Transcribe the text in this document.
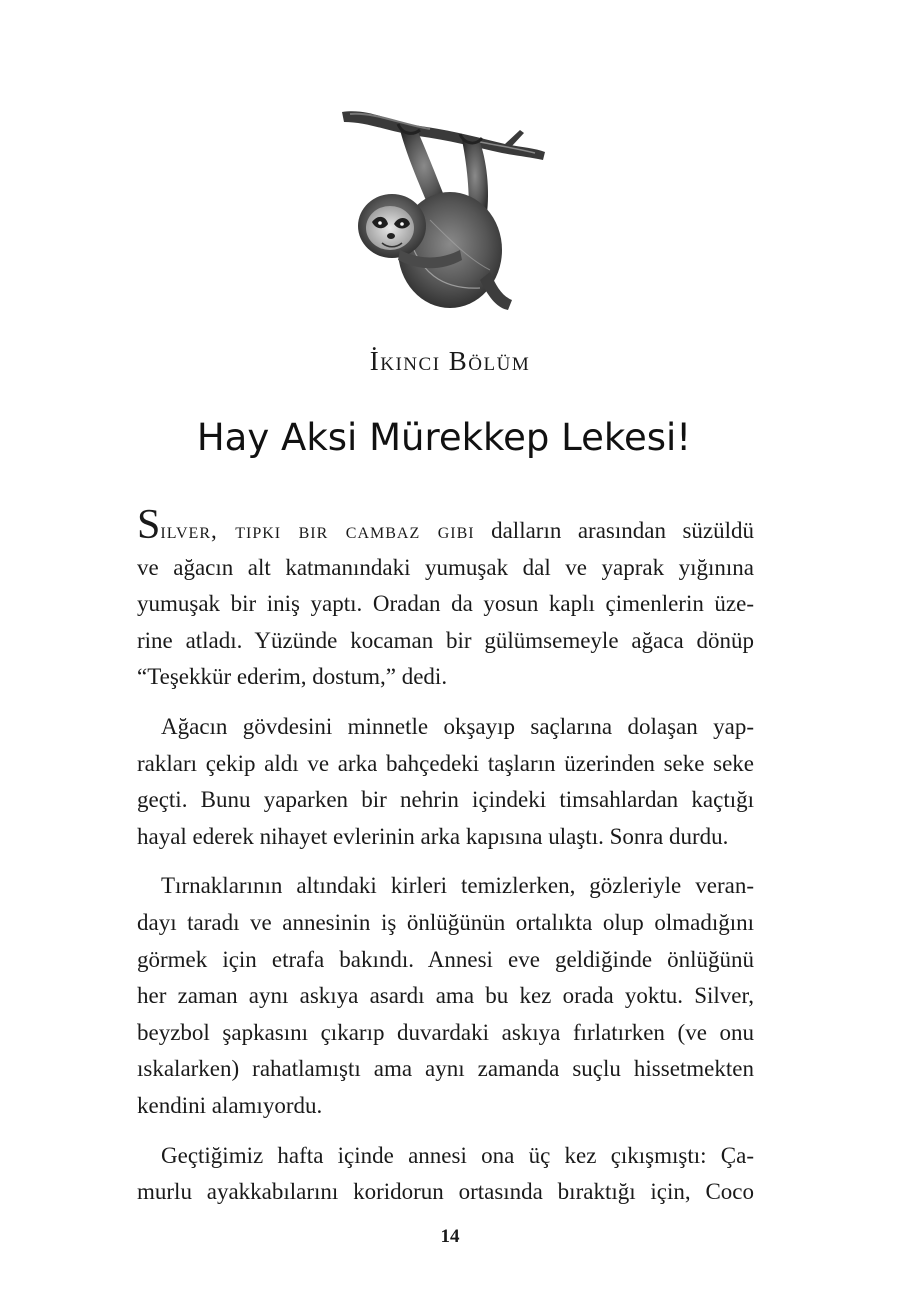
İkinci Bölüm
Hay Aksi Mürekkep Lekesi!
Silver, tıpkı bir cambaz gibi dalların arasından süzüldü
ve ağacın alt katmanındaki yumuşak dal ve yaprak yığınına
yumuşak bir iniş yaptı. Oradan da yosun kaplı çimenlerin üze-
rine atladı. Yüzünde kocaman bir gülümsemeyle ağaca dönüp
“Teşekkür ederim, dostum,” dedi.
Ağacın gövdesini minnetle okşayıp saçlarına dolaşan yap-
rakları çekip aldı ve arka bahçedeki taşların üzerinden seke seke
geçti. Bunu yaparken bir nehrin içindeki timsahlardan kaçtığı
hayal ederek nihayet evlerinin arka kapısına ulaştı. Sonra durdu.
Tırnaklarının altındaki kirleri temizlerken, gözleriyle veran-
dayı taradı ve annesinin iş önlüğünün ortalıkta olup olmadığını
görmek için etrafa bakındı. Annesi eve geldiğinde önlüğünü
her zaman aynı askıya asardı ama bu kez orada yoktu. Silver,
beyzbol şapkasını çıkarıp duvardaki askıya fırlatırken (ve onu
ıskalarken) rahatlamıştı ama aynı zamanda suçlu hissetmekten
kendini alamıyordu.
Geçtiğimiz hafta içinde annesi ona üç kez çıkışmıştı: Ça-
murlu ayakkabılarını koridorun ortasında bıraktığı için, Coco
14
